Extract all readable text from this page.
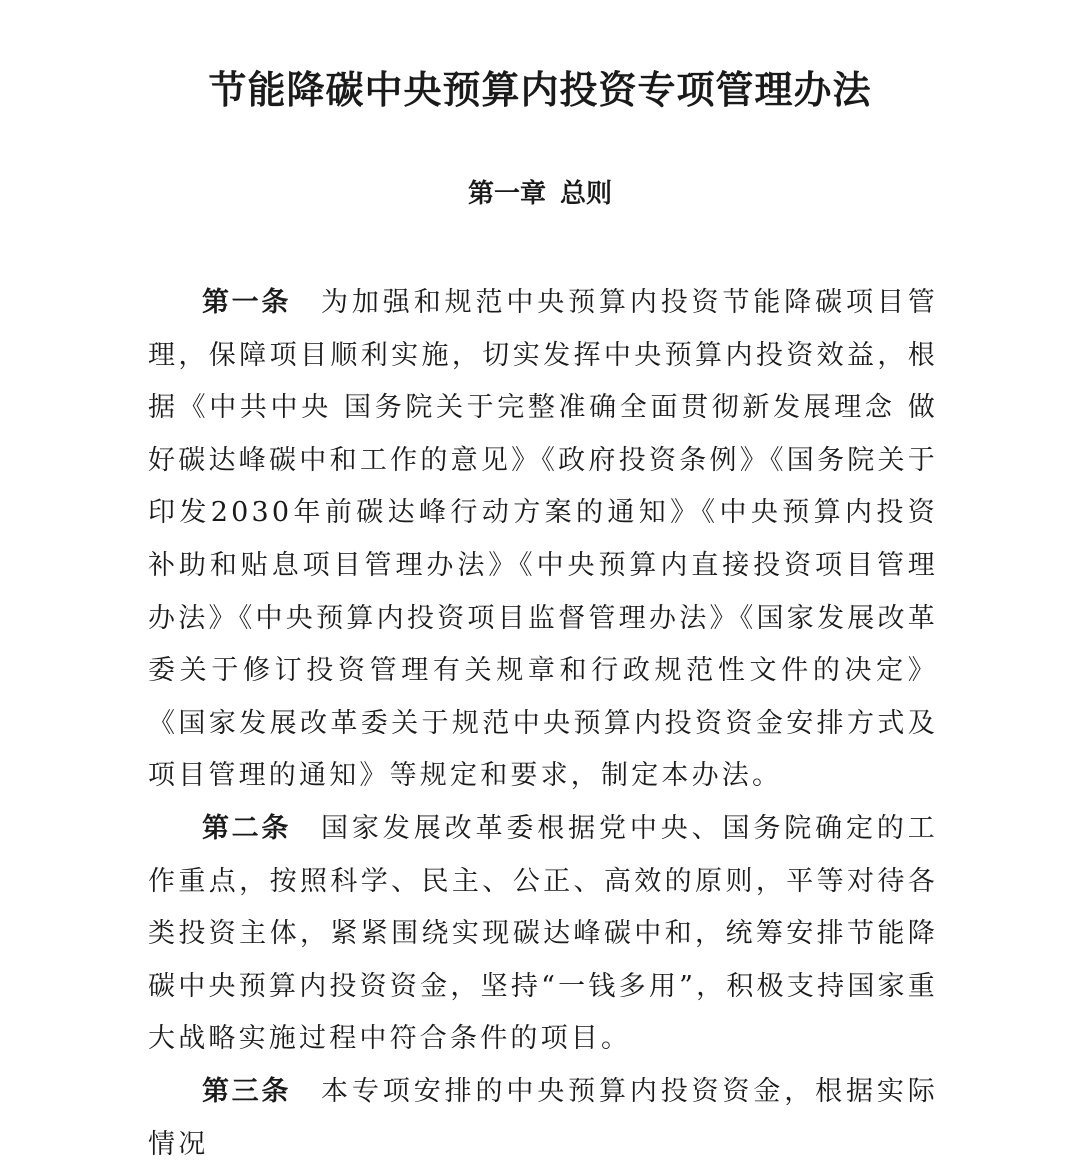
节能降碳中央预算内投资专项管理办法
第一章 总则

第一条 为加强和规范中央预算内投资节能降碳项目管理，保障项目顺利实施，切实发挥中央预算内投资效益，根据《中共中央 国务院关于完整准确全面贯彻新发展理念 做好碳达峰碳中和工作的意见》《政府投资条例》《国务院关于印发2030年前碳达峰行动方案的通知》《中央预算内投资补助和贴息项目管理办法》《中央预算内直接投资项目管理办法》《中央预算内投资项目监督管理办法》《国家发展改革委关于修订投资管理有关规章和行政规范性文件的决定》《国家发展改革委关于规范中央预算内投资资金安排方式及项目管理的通知》等规定和要求，制定本办法。

第二条 国家发展改革委根据党中央、国务院确定的工作重点，按照科学、民主、公正、高效的原则，平等对待各类投资主体，紧紧围绕实现碳达峰碳中和，统筹安排节能降碳中央预算内投资资金，坚持“一钱多用”，积极支持国家重大战略实施过程中符合条件的项目。

第三条 本专项安排的中央预算内投资资金，根据实际情况
